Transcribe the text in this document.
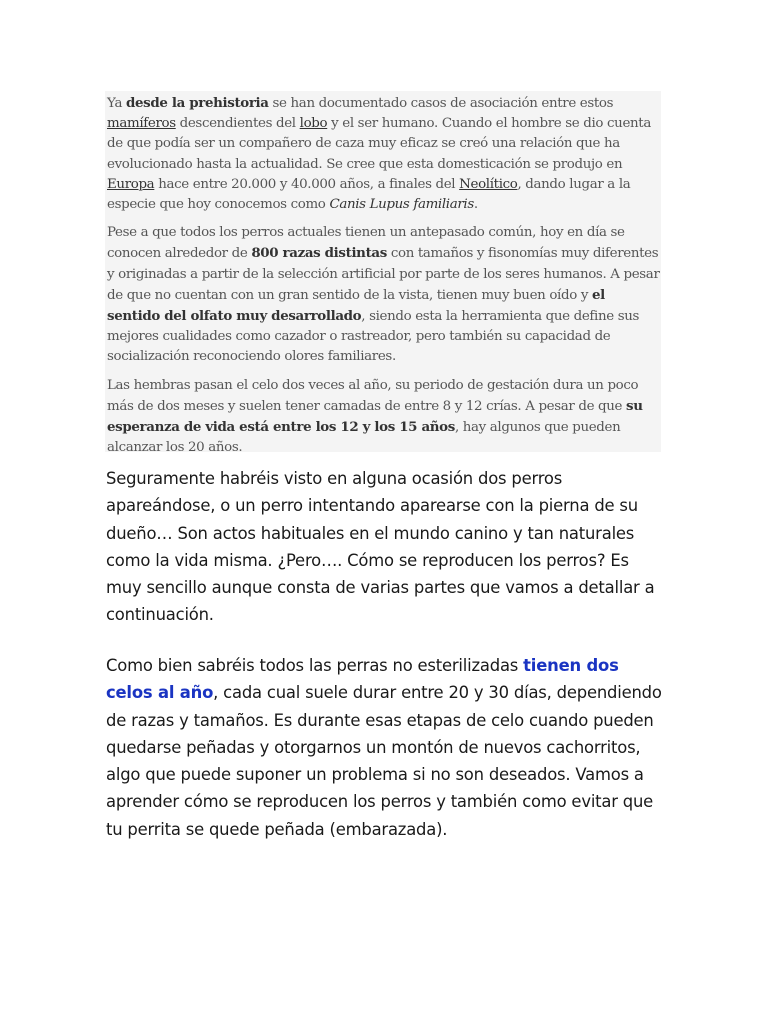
Ya desde la prehistoria se han documentado casos de asociación entre estos mamíferos descendientes del lobo y el ser humano. Cuando el hombre se dio cuenta de que podía ser un compañero de caza muy eficaz se creó una relación que ha evolucionado hasta la actualidad. Se cree que esta domesticación se produjo en Europa hace entre 20.000 y 40.000 años, a finales del Neolítico, dando lugar a la especie que hoy conocemos como Canis Lupus familiaris.

Pese a que todos los perros actuales tienen un antepasado común, hoy en día se conocen alrededor de 800 razas distintas con tamaños y fisonomías muy diferentes y originadas a partir de la selección artificial por parte de los seres humanos. A pesar de que no cuentan con un gran sentido de la vista, tienen muy buen oído y el sentido del olfato muy desarrollado, siendo esta la herramienta que define sus mejores cualidades como cazador o rastreador, pero también su capacidad de socialización reconociendo olores familiares.

Las hembras pasan el celo dos veces al año, su periodo de gestación dura un poco más de dos meses y suelen tener camadas de entre 8 y 12 crías. A pesar de que su esperanza de vida está entre los 12 y los 15 años, hay algunos que pueden alcanzar los 20 años.

Seguramente habréis visto en alguna ocasión dos perros apareándose, o un perro intentando aparearse con la pierna de su dueño… Son actos habituales en el mundo canino y tan naturales como la vida misma. ¿Pero…. Cómo se reproducen los perros? Es muy sencillo aunque consta de varias partes que vamos a detallar a continuación.

Como bien sabréis todos las perras no esterilizadas tienen dos celos al año, cada cual suele durar entre 20 y 30 días, dependiendo de razas y tamaños. Es durante esas etapas de celo cuando pueden quedarse peñadas y otorgarnos un montón de nuevos cachorritos, algo que puede suponer un problema si no son deseados. Vamos a aprender cómo se reproducen los perros y también como evitar que tu perrita se quede peñada (embarazada).
